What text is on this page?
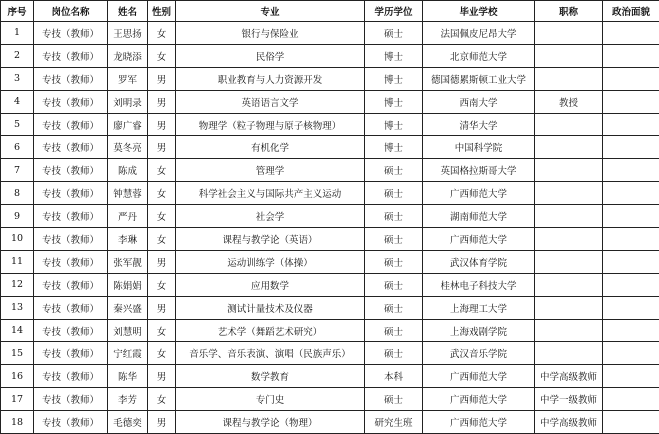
序号	岗位名称	姓名	性别	专业	学历学位	毕业学校	职称	政治面貌
1	专技（教师）	王思扬	女	银行与保险业	硕士	法国佩皮尼昂大学		
2	专技（教师）	龙晓添	女	民俗学	博士	北京师范大学		
3	专技（教师）	罗军	男	职业教育与人力资源开发	博士	德国德累斯顿工业大学		
4	专技（教师）	刘明录	男	英语语言文学	博士	西南大学	教授	
5	专技（教师）	廖广睿	男	物理学（粒子物理与原子核物理）	博士	清华大学		
6	专技（教师）	莫冬亮	男	有机化学	博士	中国科学院		
7	专技（教师）	陈成	女	管理学	硕士	英国格拉斯哥大学		
8	专技（教师）	钟慧蓉	女	科学社会主义与国际共产主义运动	硕士	广西师范大学		
9	专技（教师）	严丹	女	社会学	硕士	湖南师范大学		
10	专技（教师）	李琳	女	课程与教学论（英语）	硕士	广西师范大学		
11	专技（教师）	张军靓	男	运动训练学（体操）	硕士	武汉体育学院		
12	专技（教师）	陈娟娟	女	应用数学	硕士	桂林电子科技大学		
13	专技（教师）	秦兴盛	男	测试计量技术及仪器	硕士	上海理工大学		
14	专技（教师）	刘慧明	女	艺术学（舞蹈艺术研究）	硕士	上海戏剧学院		
15	专技（教师）	宁红霞	女	音乐学、音乐表演、演唱（民族声乐）	硕士	武汉音乐学院		
16	专技（教师）	陈华	男	数学教育	本科	广西师范大学	中学高级教师	
17	专技（教师）	李芳	女	专门史	硕士	广西师范大学	中学一级教师	
18	专技（教师）	毛德奕	男	课程与教学论（物理）	研究生班	广西师范大学	中学高级教师	
